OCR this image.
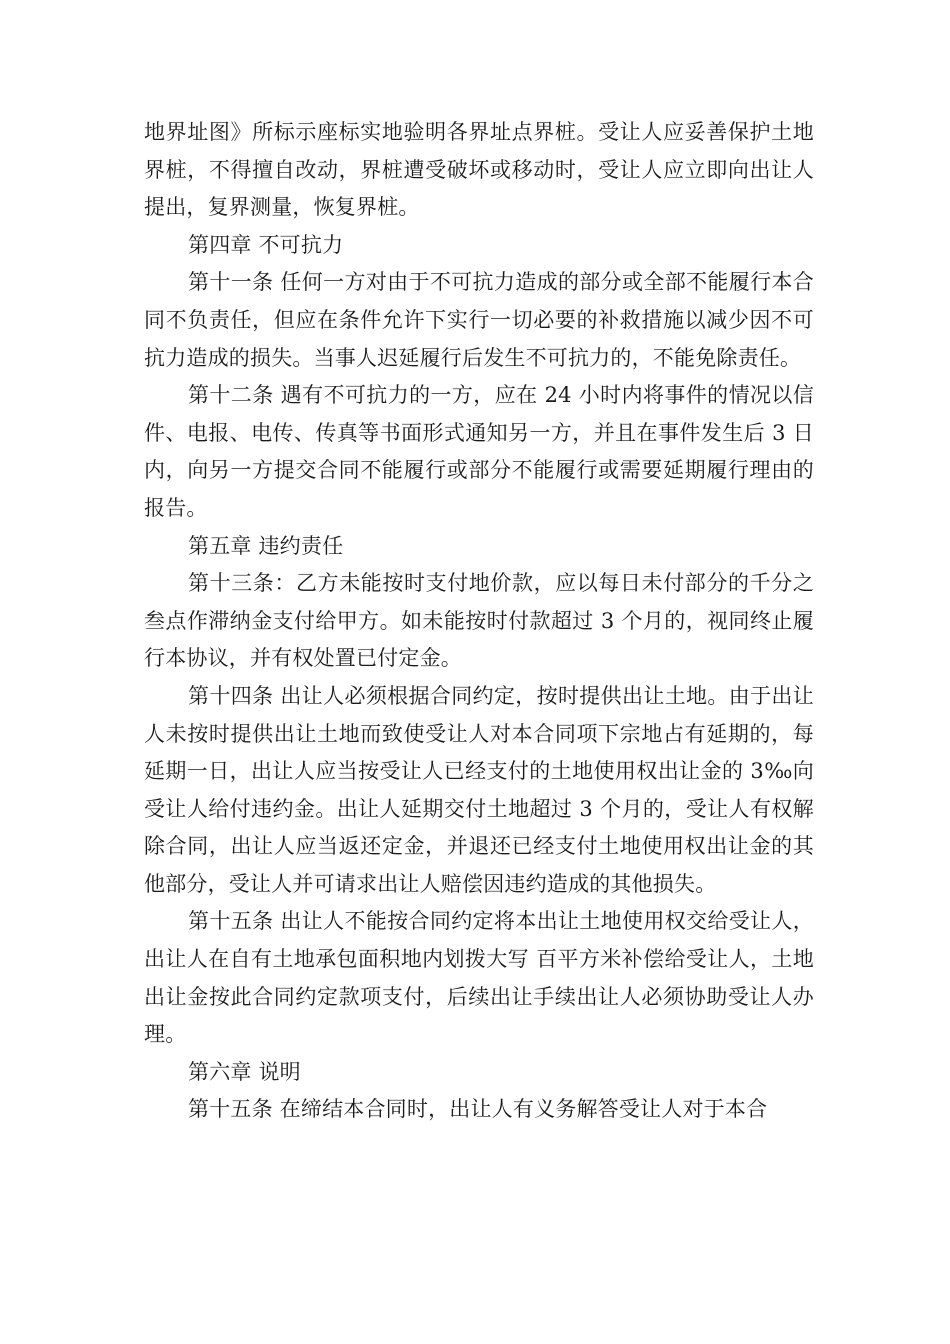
地界址图》所标示座标实地验明各界址点界桩。受让人应妥善保护土地界桩，不得擅自改动，界桩遭受破坏或移动时，受让人应立即向出让人提出，复界测量，恢复界桩。

第四章 不可抗力

第十一条 任何一方对由于不可抗力造成的部分或全部不能履行本合同不负责任，但应在条件允许下实行一切必要的补救措施以减少因不可抗力造成的损失。当事人迟延履行后发生不可抗力的，不能免除责任。

第十二条 遇有不可抗力的一方，应在 24 小时内将事件的情况以信件、电报、电传、传真等书面形式通知另一方，并且在事件发生后 3 日内，向另一方提交合同不能履行或部分不能履行或需要延期履行理由的报告。

第五章 违约责任

第十三条：乙方未能按时支付地价款，应以每日未付部分的千分之叁点作滞纳金支付给甲方。如未能按时付款超过 3 个月的，视同终止履行本协议，并有权处置已付定金。

第十四条 出让人必须根据合同约定，按时提供出让土地。由于出让人未按时提供出让土地而致使受让人对本合同项下宗地占有延期的，每延期一日，出让人应当按受让人已经支付的土地使用权出让金的 3‰向受让人给付违约金。出让人延期交付土地超过 3 个月的，受让人有权解除合同，出让人应当返还定金，并退还已经支付土地使用权出让金的其他部分，受让人并可请求出让人赔偿因违约造成的其他损失。

第十五条 出让人不能按合同约定将本出让土地使用权交给受让人，出让人在自有土地承包面积地内划拨大写 百平方米补偿给受让人，土地出让金按此合同约定款项支付，后续出让手续出让人必须协助受让人办理。

第六章 说明

第十五条 在缔结本合同时，出让人有义务解答受让人对于本合
